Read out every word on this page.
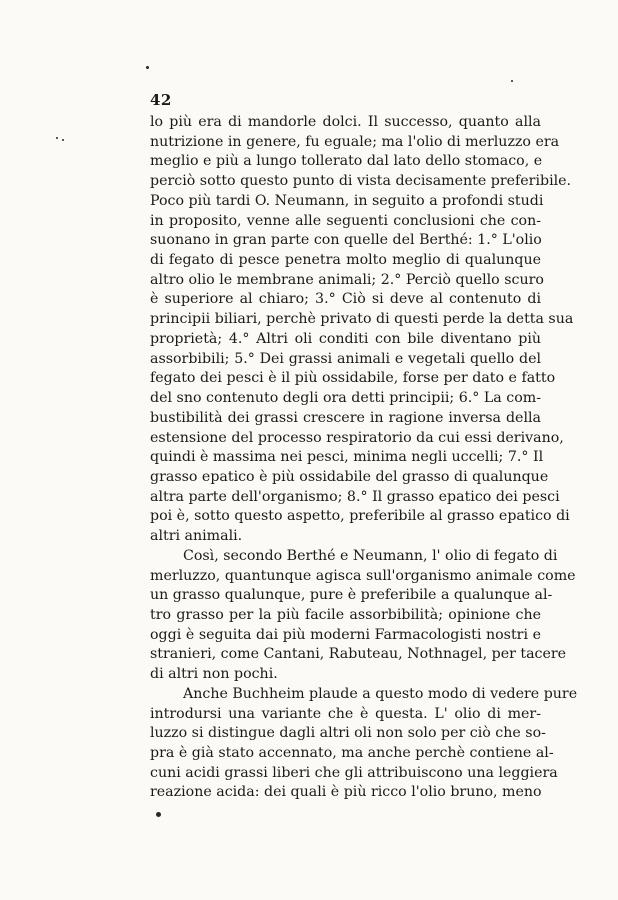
42
lo più era di mandorle dolci. Il successo, quanto alla
nutrizione in genere, fu eguale; ma l'olio di merluzzo era
meglio e più a lungo tollerato dal lato dello stomaco, e
perciò sotto questo punto di vista decisamente preferibile.
Poco più tardi O. Neumann, in seguito a profondi studi
in proposito, venne alle seguenti conclusioni che con-
suonano in gran parte con quelle del Berthé: 1.° L'olio
di fegato di pesce penetra molto meglio di qualunque
altro olio le membrane animali; 2.° Perciò quello scuro
è superiore al chiaro; 3.° Ciò si deve al contenuto di
principii biliari, perchè privato di questi perde la detta sua
proprietà; 4.° Altri oli conditi con bile diventano più
assorbibili; 5.° Dei grassi animali e vegetali quello del
fegato dei pesci è il più ossidabile, forse per dato e fatto
del sno contenuto degli ora detti principii; 6.° La com-
bustibilità dei grassi crescere in ragione inversa della
estensione del processo respiratorio da cui essi derivano,
quindi è massima nei pesci, minima negli uccelli; 7.° Il
grasso epatico è più ossidabile del grasso di qualunque
altra parte dell'organismo; 8.° Il grasso epatico dei pesci
poi è, sotto questo aspetto, preferibile al grasso epatico di
altri animali.
Così, secondo Berthé e Neumann, l' olio di fegato di
merluzzo, quantunque agisca sull'organismo animale come
un grasso qualunque, pure è preferibile a qualunque al-
tro grasso per la più facile assorbibilità; opinione che
oggi è seguita dai più moderni Farmacologisti nostri e
stranieri, come Cantani, Rabuteau, Nothnagel, per tacere
di altri non pochi.
Anche Buchheim plaude a questo modo di vedere pure
introdursi una variante che è questa. L' olio di mer-
luzzo si distingue dagli altri oli non solo per ciò che so-
pra è già stato accennato, ma anche perchè contiene al-
cuni acidi grassi liberi che gli attribuiscono una leggiera
reazione acida: dei quali è più ricco l'olio bruno, meno
